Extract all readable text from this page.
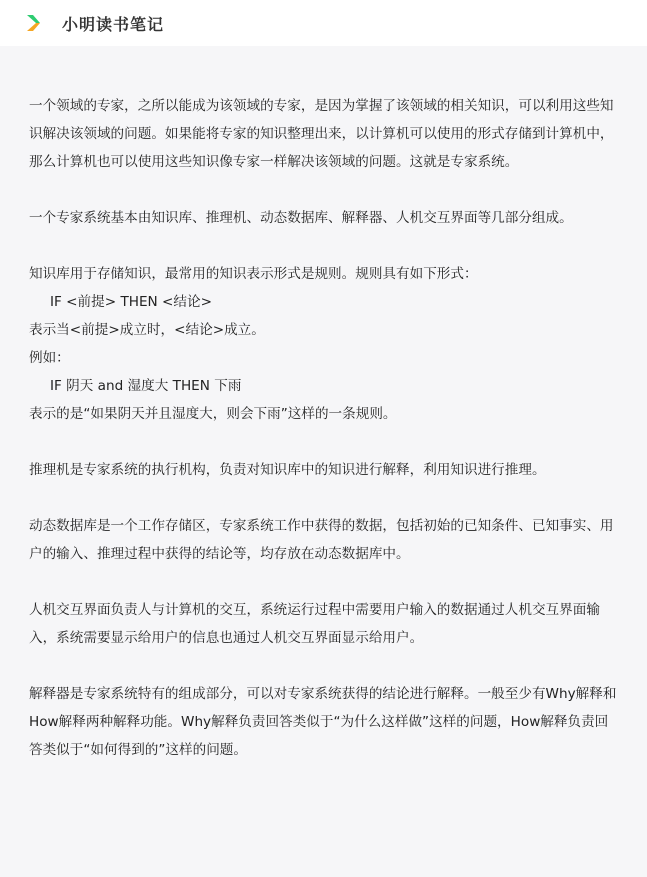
小明读书笔记

一个领域的专家，之所以能成为该领域的专家，是因为掌握了该领域的相关知识，可以利用这些知识解决该领域的问题。如果能将专家的知识整理出来，以计算机可以使用的形式存储到计算机中，那么计算机也可以使用这些知识像专家一样解决该领域的问题。这就是专家系统。

一个专家系统基本由知识库、推理机、动态数据库、解释器、人机交互界面等几部分组成。

知识库用于存储知识，最常用的知识表示形式是规则。规则具有如下形式：
IF <前提> THEN <结论>
表示当<前提>成立时，<结论>成立。
例如：
IF 阴天 and 湿度大 THEN 下雨
表示的是“如果阴天并且湿度大，则会下雨”这样的一条规则。

推理机是专家系统的执行机构，负责对知识库中的知识进行解释，利用知识进行推理。

动态数据库是一个工作存储区，专家系统工作中获得的数据，包括初始的已知条件、已知事实、用户的输入、推理过程中获得的结论等，均存放在动态数据库中。

人机交互界面负责人与计算机的交互，系统运行过程中需要用户输入的数据通过人机交互界面输入，系统需要显示给用户的信息也通过人机交互界面显示给用户。

解释器是专家系统特有的组成部分，可以对专家系统获得的结论进行解释。一般至少有Why解释和How解释两种解释功能。Why解释负责回答类似于“为什么这样做”这样的问题，How解释负责回答类似于“如何得到的”这样的问题。
